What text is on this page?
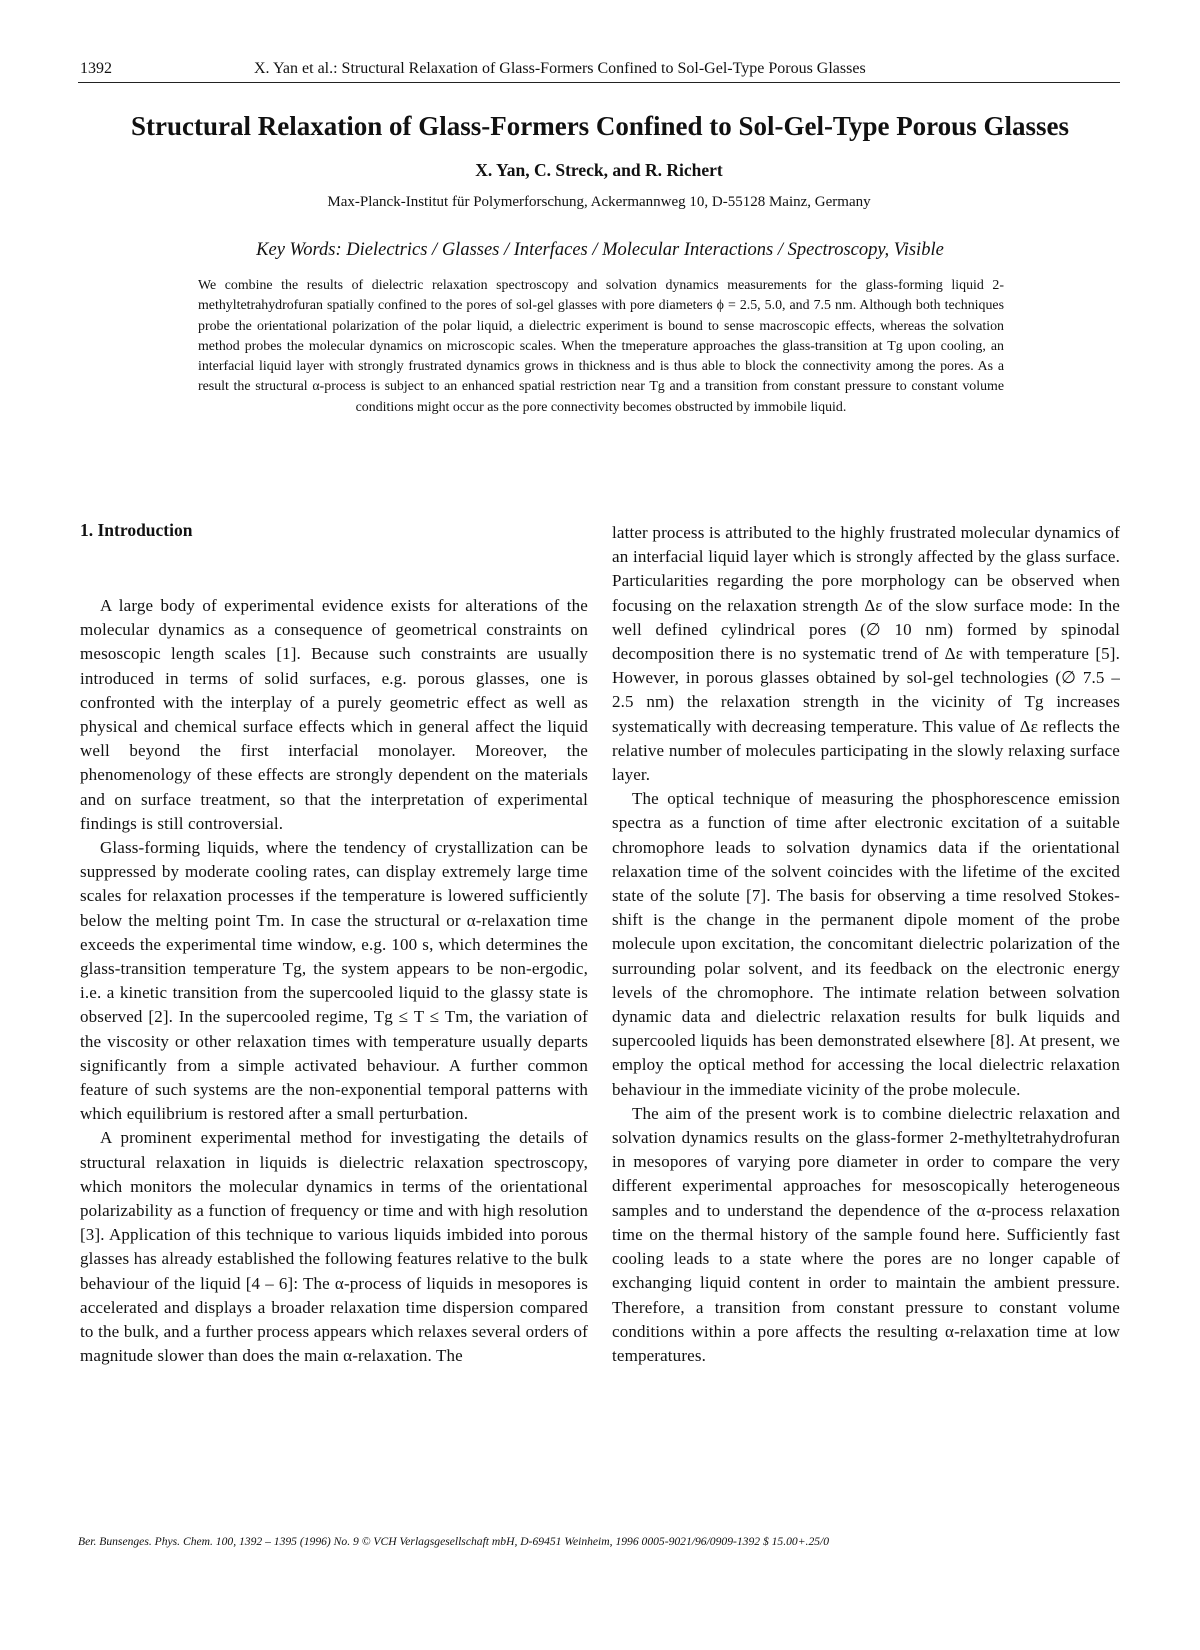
1392	X. Yan et al.: Structural Relaxation of Glass-Formers Confined to Sol-Gel-Type Porous Glasses
Structural Relaxation of Glass-Formers Confined to Sol-Gel-Type Porous Glasses
X. Yan, C. Streck, and R. Richert
Max-Planck-Institut für Polymerforschung, Ackermannweg 10, D-55128 Mainz, Germany
Key Words: Dielectrics / Glasses / Interfaces / Molecular Interactions / Spectroscopy, Visible

We combine the results of dielectric relaxation spectroscopy and solvation dynamics measurements for the glass-forming liquid 2-methyltetrahydrofuran spatially confined to the pores of sol-gel glasses with pore diameters ϕ = 2.5, 5.0, and 7.5 nm. Although both techniques probe the orientational polarization of the polar liquid, a dielectric experiment is bound to sense macroscopic effects, whereas the solvation method probes the molecular dynamics on microscopic scales. When the tmeperature approaches the glass-transition at Tg upon cooling, an interfacial liquid layer with strongly frustrated dynamics grows in thickness and is thus able to block the connectivity among the pores. As a result the structural α-process is subject to an enhanced spatial restriction near Tg and a transition from constant pressure to constant volume conditions might occur as the pore connectivity becomes obstructed by immobile liquid.

1. Introduction

A large body of experimental evidence exists for alterations of the molecular dynamics as a consequence of geometrical constraints on mesoscopic length scales [1]. Because such constraints are usually introduced in terms of solid surfaces, e.g. porous glasses, one is confronted with the interplay of a purely geometric effect as well as physical and chemical surface effects which in general affect the liquid well beyond the first interfacial monolayer. Moreover, the phenomenology of these effects are strongly dependent on the materials and on surface treatment, so that the interpretation of experimental findings is still controversial.

Glass-forming liquids, where the tendency of crystallization can be suppressed by moderate cooling rates, can display extremely large time scales for relaxation processes if the temperature is lowered sufficiently below the melting point Tm. In case the structural or α-relaxation time exceeds the experimental time window, e.g. 100 s, which determines the glass-transition temperature Tg, the system appears to be non-ergodic, i.e. a kinetic transition from the supercooled liquid to the glassy state is observed [2]. In the supercooled regime, Tg ≤ T ≤ Tm, the variation of the viscosity or other relaxation times with temperature usually departs significantly from a simple activated behaviour. A further common feature of such systems are the non-exponential temporal patterns with which equilibrium is restored after a small perturbation.

A prominent experimental method for investigating the details of structural relaxation in liquids is dielectric relaxation spectroscopy, which monitors the molecular dynamics in terms of the orientational polarizability as a function of frequency or time and with high resolution [3]. Application of this technique to various liquids imbided into porous glasses has already established the following features relative to the bulk behaviour of the liquid [4 – 6]: The α-process of liquids in mesopores is accelerated and displays a broader relaxation time dispersion compared to the bulk, and a further process appears which relaxes several orders of magnitude slower than does the main α-relaxation. The

latter process is attributed to the highly frustrated molecular dynamics of an interfacial liquid layer which is strongly affected by the glass surface. Particularities regarding the pore morphology can be observed when focusing on the relaxation strength Δε of the slow surface mode: In the well defined cylindrical pores (∅ 10 nm) formed by spinodal decomposition there is no systematic trend of Δε with temperature [5]. However, in porous glasses obtained by sol-gel technologies (∅ 7.5 – 2.5 nm) the relaxation strength in the vicinity of Tg increases systematically with decreasing temperature. This value of Δε reflects the relative number of molecules participating in the slowly relaxing surface layer.

The optical technique of measuring the phosphorescence emission spectra as a function of time after electronic excitation of a suitable chromophore leads to solvation dynamics data if the orientational relaxation time of the solvent coincides with the lifetime of the excited state of the solute [7]. The basis for observing a time resolved Stokes-shift is the change in the permanent dipole moment of the probe molecule upon excitation, the concomitant dielectric polarization of the surrounding polar solvent, and its feedback on the electronic energy levels of the chromophore. The intimate relation between solvation dynamic data and dielectric relaxation results for bulk liquids and supercooled liquids has been demonstrated elsewhere [8]. At present, we employ the optical method for accessing the local dielectric relaxation behaviour in the immediate vicinity of the probe molecule.

The aim of the present work is to combine dielectric relaxation and solvation dynamics results on the glass-former 2-methyltetrahydrofuran in mesopores of varying pore diameter in order to compare the very different experimental approaches for mesoscopically heterogeneous samples and to understand the dependence of the α-process relaxation time on the thermal history of the sample found here. Sufficiently fast cooling leads to a state where the pores are no longer capable of exchanging liquid content in order to maintain the ambient pressure. Therefore, a transition from constant pressure to constant volume conditions within a pore affects the resulting α-relaxation time at low temperatures.

Ber. Bunsenges. Phys. Chem. 100, 1392 – 1395 (1996) No. 9 © VCH Verlagsgesellschaft mbH, D-69451 Weinheim, 1996 0005-9021/96/0909-1392 $ 15.00+.25/0
